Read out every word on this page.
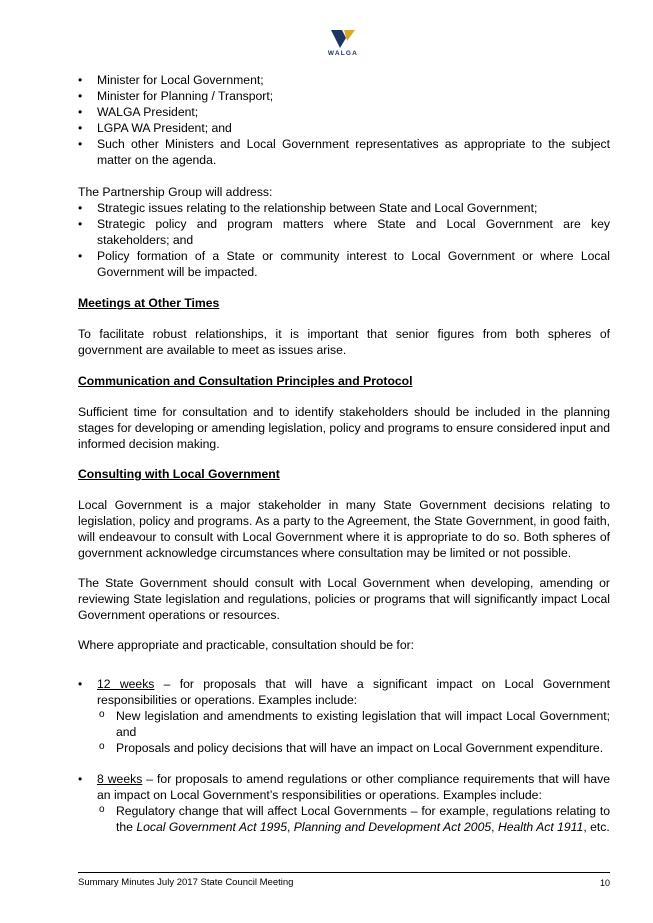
WALGA
• Minister for Local Government;
• Minister for Planning / Transport;
• WALGA President;
• LGPA WA President; and
• Such other Ministers and Local Government representatives as appropriate to the subject matter on the agenda.

The Partnership Group will address:

• Strategic issues relating to the relationship between State and Local Government;
• Strategic policy and program matters where State and Local Government are key stakeholders; and
• Policy formation of a State or community interest to Local Government or where Local Government will be impacted.
Meetings at Other Times

To facilitate robust relationships, it is important that senior figures from both spheres of government are available to meet as issues arise.

Communication and Consultation Principles and Protocol

Sufficient time for consultation and to identify stakeholders should be included in the planning stages for developing or amending legislation, policy and programs to ensure considered input and informed decision making.

Consulting with Local Government

Local Government is a major stakeholder in many State Government decisions relating to legislation, policy and programs. As a party to the Agreement, the State Government, in good faith, will endeavour to consult with Local Government where it is appropriate to do so. Both spheres of government acknowledge circumstances where consultation may be limited or not possible.

The State Government should consult with Local Government when developing, amending or reviewing State legislation and regulations, policies or programs that will significantly impact Local Government operations or resources.

Where appropriate and practicable, consultation should be for:

• 12 weeks – for proposals that will have a significant impact on Local Government responsibilities or operations. Examples include:
o New legislation and amendments to existing legislation that will impact Local Government; and
o Proposals and policy decisions that will have an impact on Local Government expenditure.
• 8 weeks – for proposals to amend regulations or other compliance requirements that will have an impact on Local Government’s responsibilities or operations. Examples include:
o Regulatory change that will affect Local Governments – for example, regulations relating to the Local Government Act 1995, Planning and Development Act 2005, Health Act 1911, etc.
Summary Minutes July 2017 State Council Meeting	10
